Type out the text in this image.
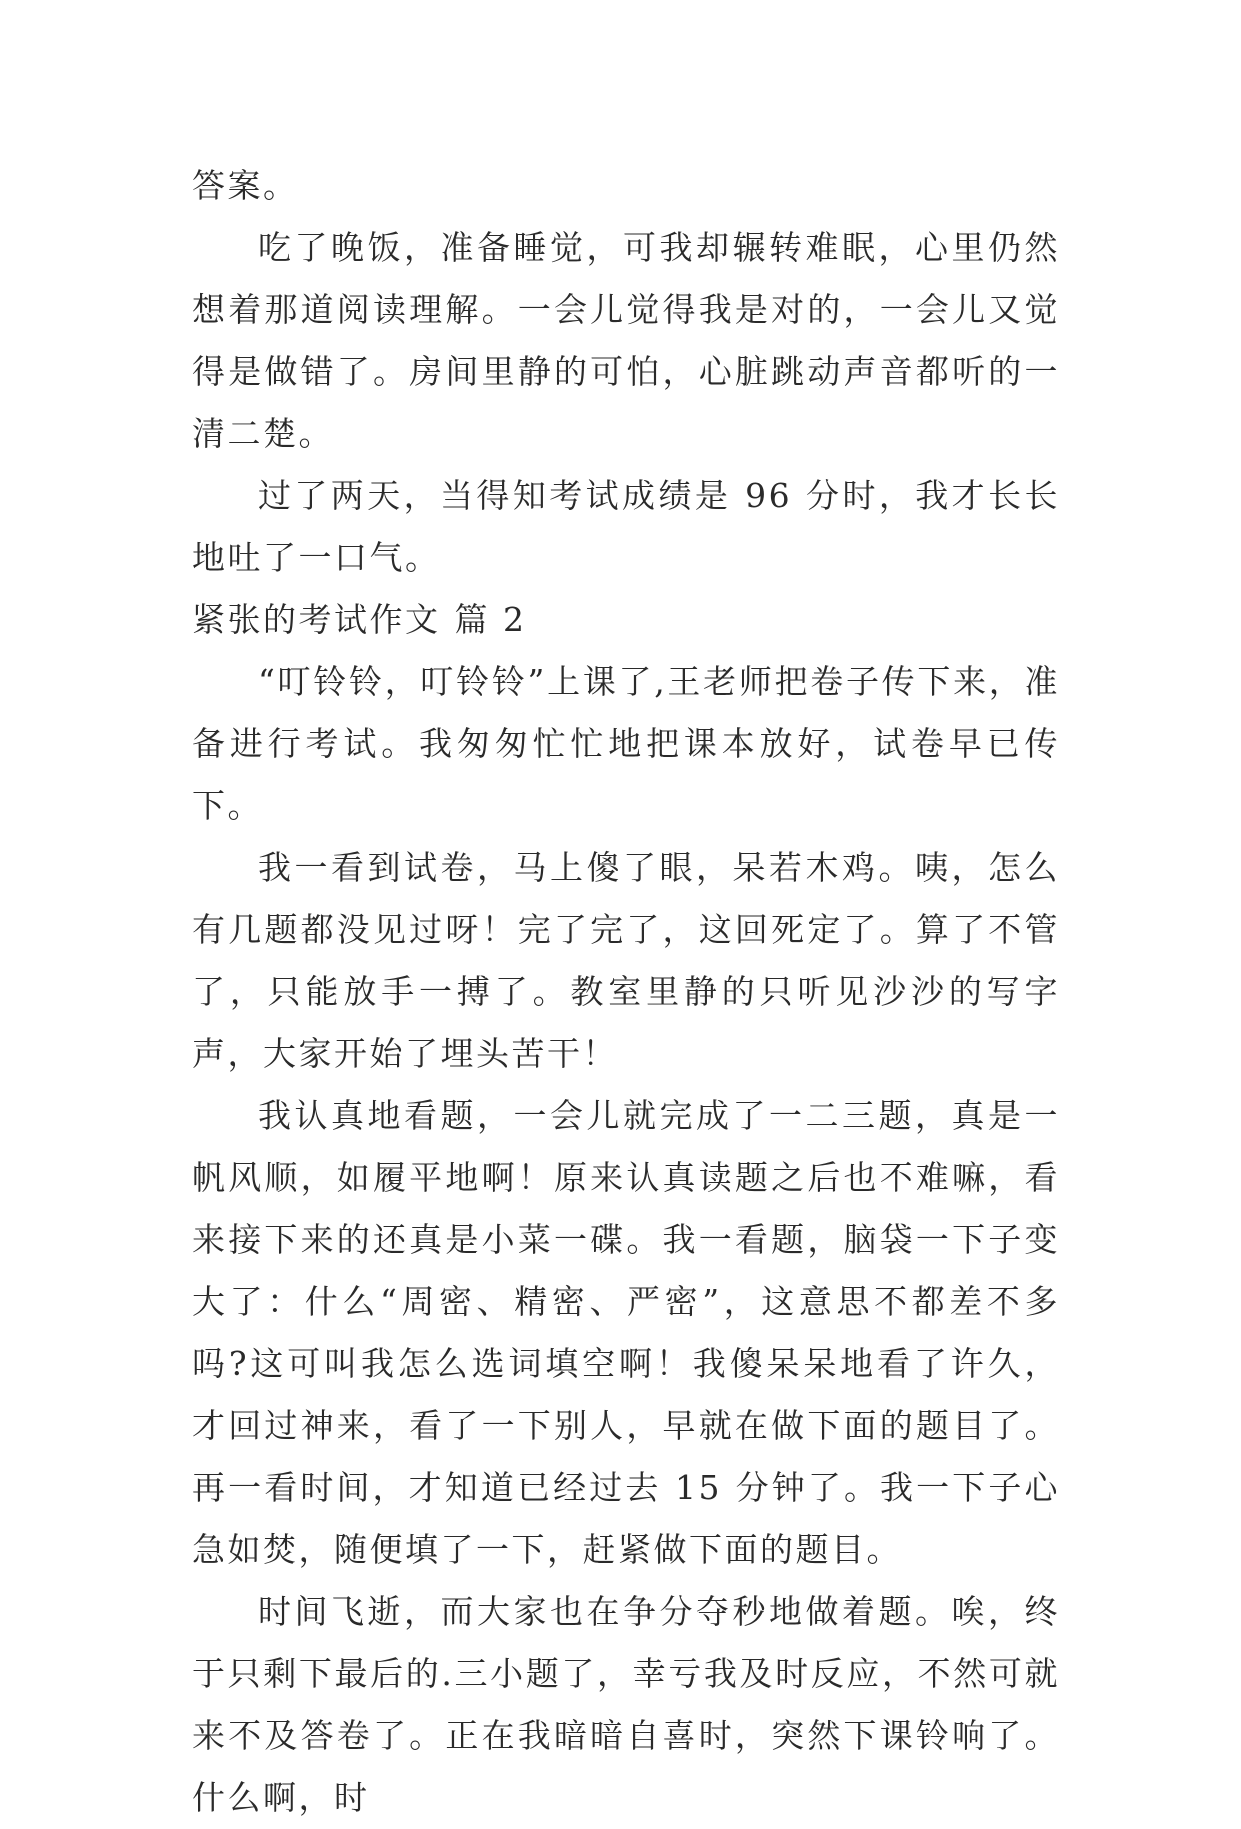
答案。

吃了晚饭，准备睡觉，可我却辗转难眠，心里仍然想着那道阅读理解。一会儿觉得我是对的，一会儿又觉得是做错了。房间里静的可怕，心脏跳动声音都听的一清二楚。

过了两天，当得知考试成绩是 96 分时，我才长长地吐了一口气。

紧张的考试作文 篇 2

“叮铃铃，叮铃铃”上课了,王老师把卷子传下来，准备进行考试。我匆匆忙忙地把课本放好，试卷早已传下。

我一看到试卷，马上傻了眼，呆若木鸡。咦，怎么有几题都没见过呀！完了完了，这回死定了。算了不管了，只能放手一搏了。教室里静的只听见沙沙的写字声，大家开始了埋头苦干！

我认真地看题，一会儿就完成了一二三题，真是一帆风顺，如履平地啊！原来认真读题之后也不难嘛，看来接下来的还真是小菜一碟。我一看题，脑袋一下子变大了：什么“周密、精密、严密”，这意思不都差不多吗?这可叫我怎么选词填空啊！我傻呆呆地看了许久，才回过神来，看了一下别人，早就在做下面的题目了。再一看时间，才知道已经过去 15 分钟了。我一下子心急如焚，随便填了一下，赶紧做下面的题目。

时间飞逝，而大家也在争分夺秒地做着题。唉，终于只剩下最后的.三小题了，幸亏我及时反应，不然可就来不及答卷了。正在我暗暗自喜时，突然下课铃响了。什么啊，时
